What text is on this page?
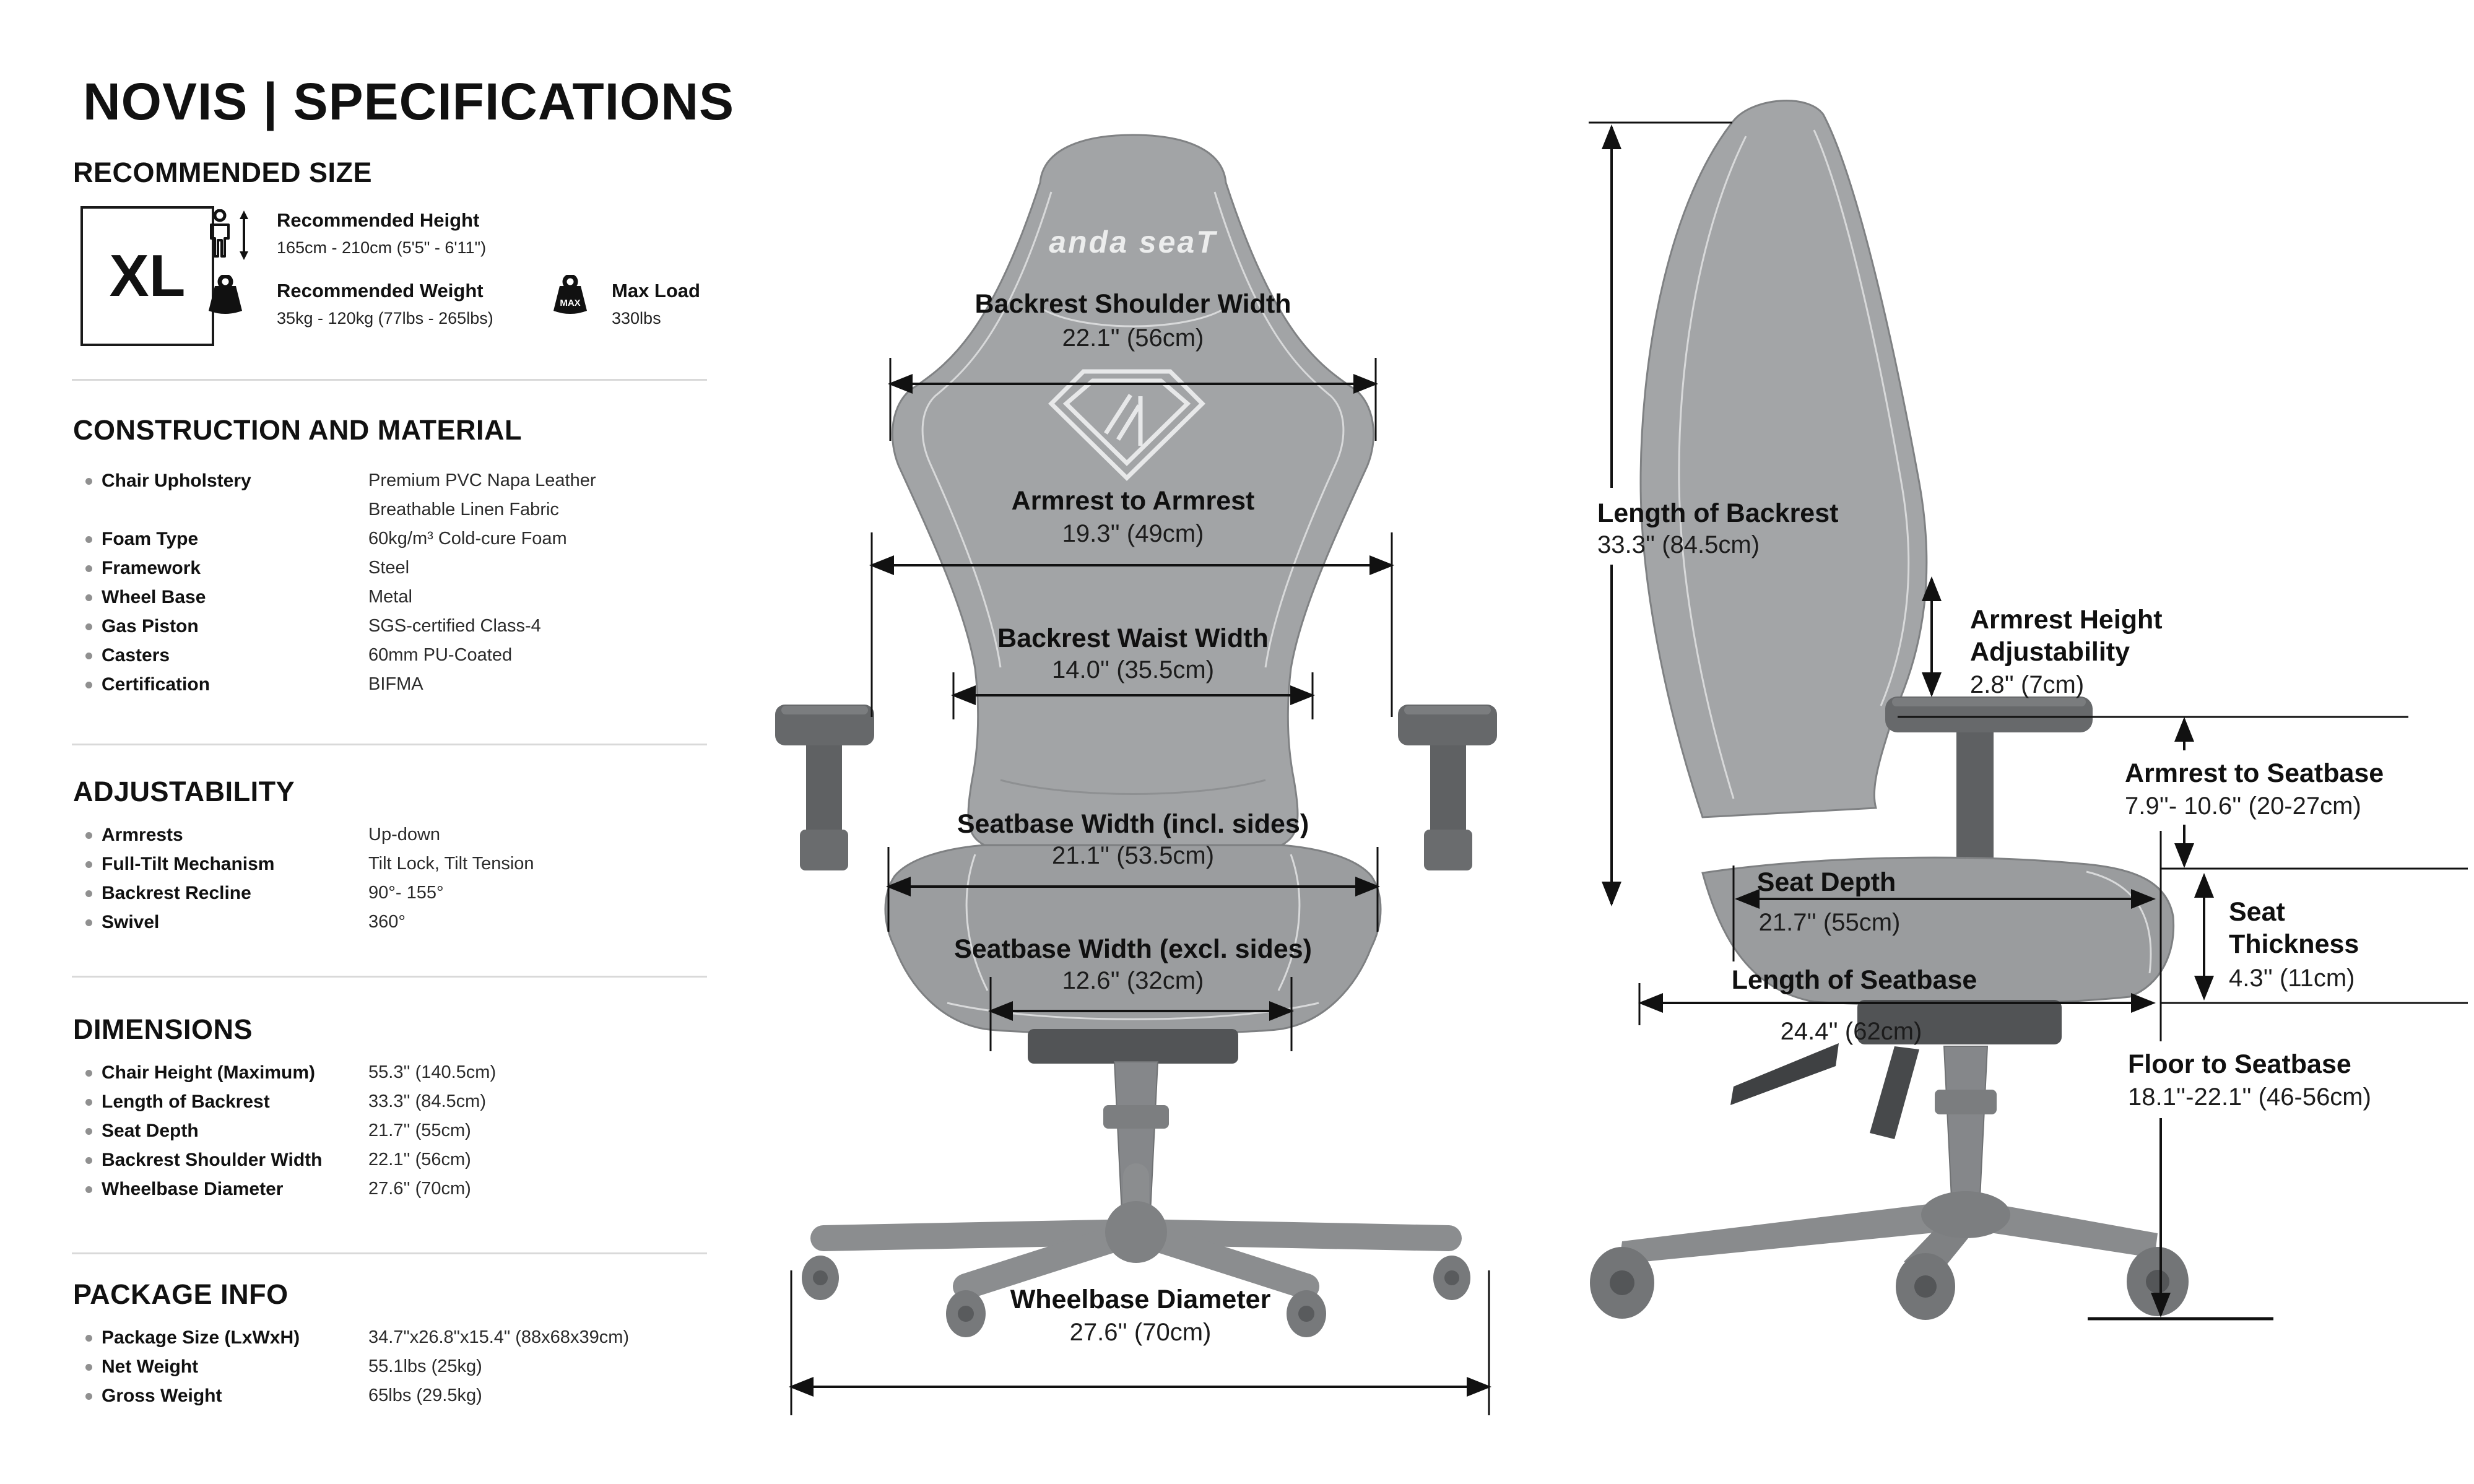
NOVIS | SPECIFICATIONS
RECOMMENDED SIZE
XL
Recommended Height
165cm - 210cm (5'5" - 6'11")
Recommended Weight
35kg - 120kg (77lbs - 265lbs)
MAX
Max Load
330lbs
CONSTRUCTION AND MATERIAL
Chair Upholstery	Premium PVC Napa Leather
Breathable Linen Fabric
Foam Type	60kg/m³ Cold-cure Foam
Framework	Steel
Wheel Base	Metal
Gas Piston	SGS-certified Class-4
Casters	60mm PU-Coated
Certification	BIFMA
ADJUSTABILITY
Armrests	Up-down
Full-Tilt Mechanism	Tilt Lock, Tilt Tension
Backrest Recline	90°- 155°
Swivel	360°
DIMENSIONS
Chair Height (Maximum)	55.3'' (140.5cm)
Length of Backrest	33.3'' (84.5cm)
Seat Depth	21.7'' (55cm)
Backrest Shoulder Width	22.1'' (56cm)
Wheelbase Diameter	27.6'' (70cm)
PACKAGE INFO
Package Size (LxWxH)	34.7"x26.8"x15.4" (88x68x39cm)
Net Weight	55.1lbs (25kg)
Gross Weight	65lbs (29.5kg)
anda seaT
Backrest Shoulder Width
22.1'' (56cm)
Armrest to Armrest
19.3'' (49cm)
Backrest Waist Width
14.0'' (35.5cm)
Seatbase Width (incl. sides)
21.1'' (53.5cm)
Seatbase Width (excl. sides)
12.6'' (32cm)
Wheelbase Diameter
27.6'' (70cm)
Length of Backrest
33.3'' (84.5cm)
Armrest Height
Adjustability
2.8'' (7cm)
Armrest to Seatbase
7.9''- 10.6'' (20-27cm)
Seat Depth
21.7'' (55cm)	Seat
Thickness
4.3'' (11cm)
Length of Seatbase
24.4'' (62cm)
Floor to Seatbase
18.1''-22.1'' (46-56cm)
